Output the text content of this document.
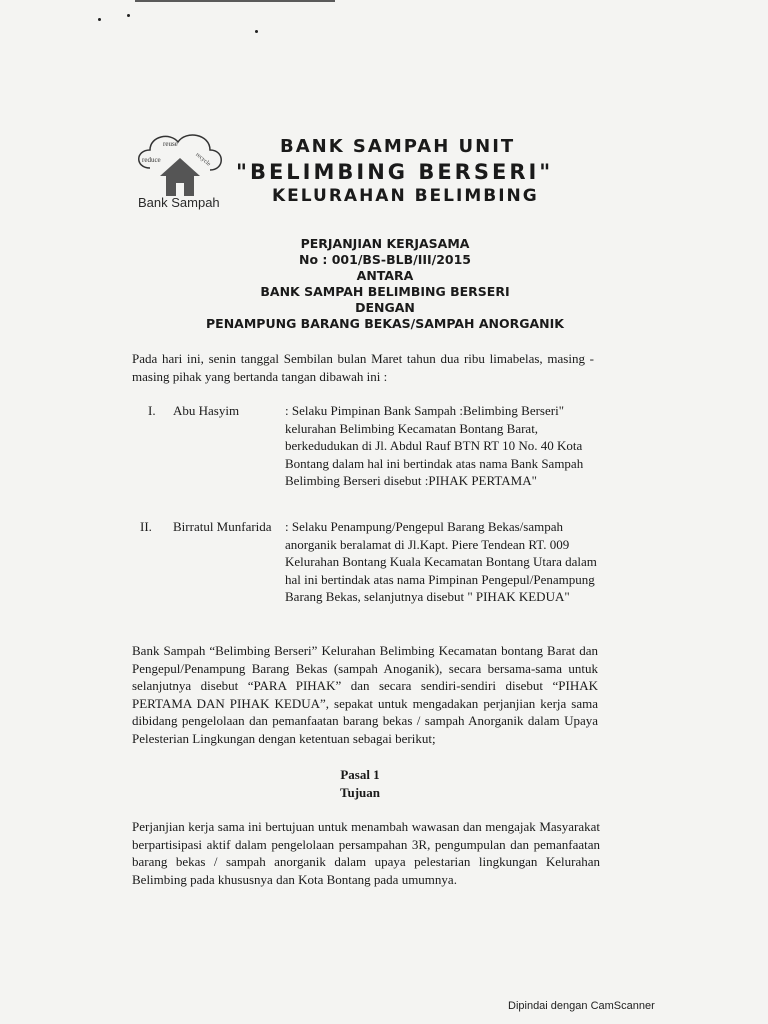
reuse
reduce	recycle
Bank Sampah
BANK SAMPAH UNIT
"BELIMBING BERSERI"
KELURAHAN BELIMBING
PERJANJIAN KERJASAMA
No : 001/BS-BLB/III/2015
ANTARA
BANK SAMPAH BELIMBING BERSERI
DENGAN
PENAMPUNG BARANG BEKAS/SAMPAH ANORGANIK
Pada hari ini, senin tanggal Sembilan bulan Maret tahun dua ribu limabelas, masing - masing pihak yang bertanda tangan dibawah ini :
I.	Abu Hasyim	: Selaku Pimpinan Bank Sampah :Belimbing Berseri" kelurahan Belimbing Kecamatan Bontang Barat, berkedudukan di Jl. Abdul Rauf BTN RT 10 No. 40 Kota Bontang dalam hal ini bertindak atas nama Bank Sampah Belimbing Berseri disebut :PIHAK PERTAMA"
II.	Birratul Munfarida : Selaku Penampung/Pengepul Barang Bekas/sampah anorganik beralamat di Jl.Kapt. Piere Tendean RT. 009 Kelurahan Bontang Kuala Kecamatan Bontang Utara dalam hal ini bertindak atas nama Pimpinan Pengepul/Penampung Barang Bekas, selanjutnya disebut " PIHAK KEDUA"
Bank Sampah “Belimbing Berseri” Kelurahan Belimbing Kecamatan bontang Barat dan Pengepul/Penampung Barang Bekas (sampah Anoganik), secara bersama-sama untuk selanjutnya disebut “PARA PIHAK” dan secara sendiri-sendiri disebut “PIHAK PERTAMA DAN PIHAK KEDUA”, sepakat untuk mengadakan perjanjian kerja sama dibidang pengelolaan dan pemanfaatan barang bekas / sampah Anorganik dalam Upaya Pelesterian Lingkungan dengan ketentuan sebagai berikut;
Pasal 1
Tujuan
Perjanjian kerja sama ini bertujuan untuk menambah wawasan dan mengajak Masyarakat berpartisipasi aktif dalam pengelolaan persampahan 3R, pengumpulan dan pemanfaatan barang bekas / sampah anorganik dalam upaya pelestarian lingkungan Kelurahan Belimbing pada khususnya dan Kota Bontang pada umumnya.
Dipindai dengan CamScanner
